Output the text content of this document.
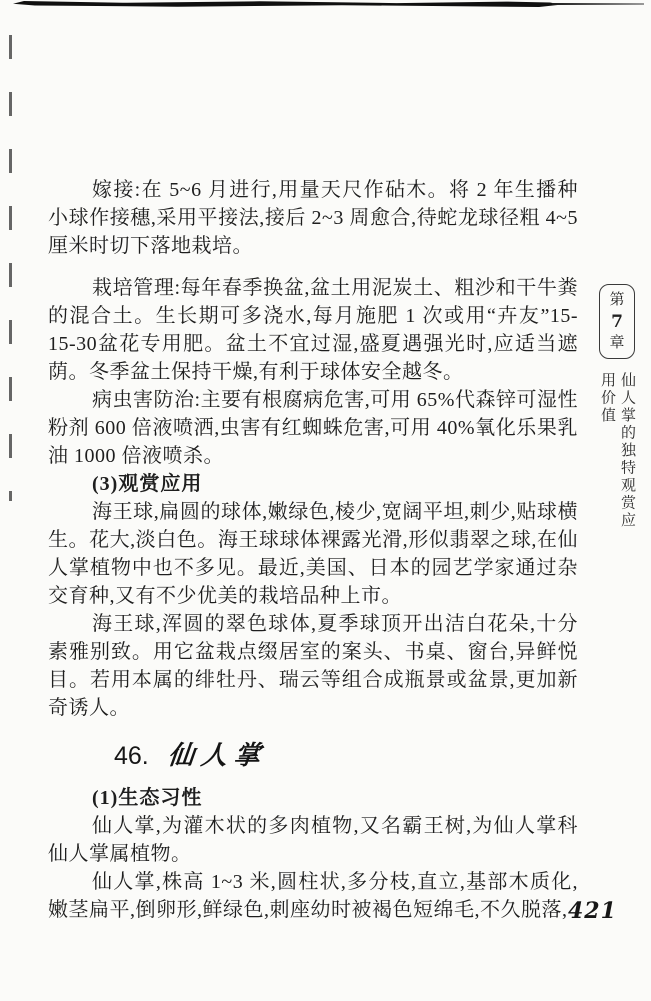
嫁接:在 5~6 月进行,用量天尺作砧木。将 2 年生播种小球作接穗,采用平接法,接后 2~3 周愈合,待蛇龙球径粗 4~5 厘米时切下落地栽培。

栽培管理:每年春季换盆,盆土用泥炭土、粗沙和干牛粪的混合土。生长期可多浇水,每月施肥 1 次或用“卉友”15-15-30盆花专用肥。盆土不宜过湿,盛夏遇强光时,应适当遮荫。冬季盆土保持干燥,有利于球体安全越冬。

病虫害防治:主要有根腐病危害,可用 65%代森锌可湿性粉剂 600 倍液喷洒,虫害有红蜘蛛危害,可用 40%氧化乐果乳油 1000 倍液喷杀。

(3)观赏应用

海王球,扁圆的球体,嫩绿色,棱少,宽阔平坦,刺少,贴球横生。花大,淡白色。海王球球体裸露光滑,形似翡翠之球,在仙人掌植物中也不多见。最近,美国、日本的园艺学家通过杂交育种,又有不少优美的栽培品种上市。

海王球,浑圆的翠色球体,夏季球顶开出洁白花朵,十分素雅别致。用它盆栽点缀居室的案头、书桌、窗台,异鲜悦目。若用本属的绯牡丹、瑞云等组合成瓶景或盆景,更加新奇诱人。

46. 仙人掌

(1)生态习性

仙人掌,为灌木状的多肉植物,又名霸王树,为仙人掌科仙人掌属植物。

仙人掌,株高 1~3 米,圆柱状,多分枝,直立,基部木质化,嫩茎扁平,倒卵形,鲜绿色,刺座幼时被褐色短绵毛,不久脱落,

第
7
章
仙人掌的独特观赏应用价值
421
